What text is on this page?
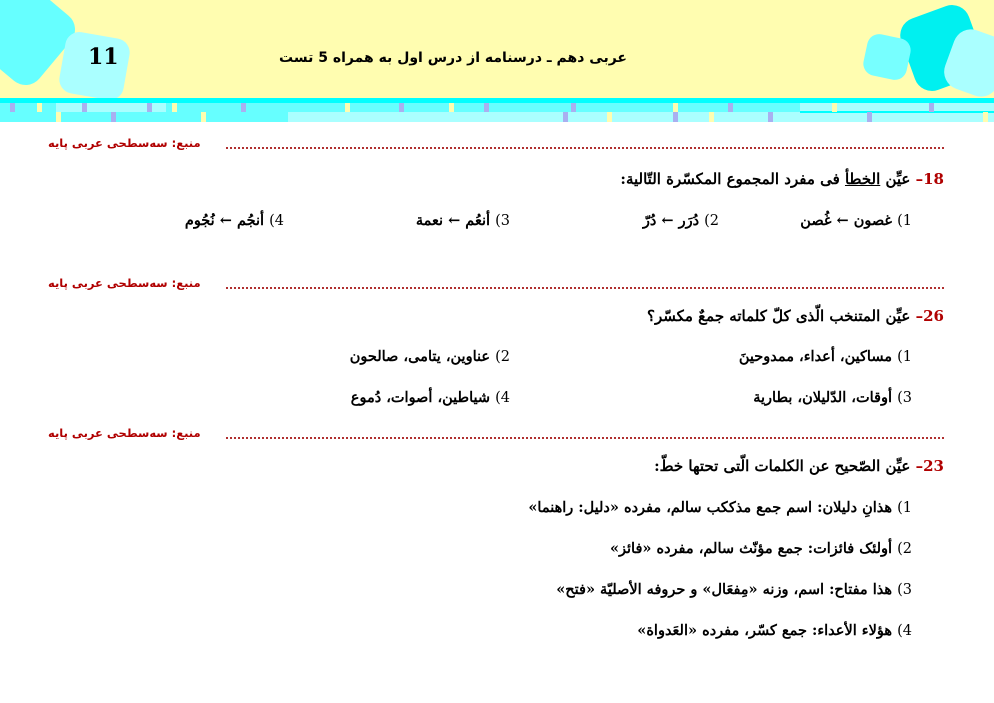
11	عربی دهم ـ درسنامه از درس اول به همراه 5 تست
منبع: سه‌سطحی عربی پایه
18– عیِّن الخطأ فی مفرد المجموع المکسّرة التّالیة:
1) غصون ← غُصن
2) دُرَر ← دُرّ
3) أنعُم ← نعمة
4) أنجُم ← نُجُوم
منبع: سه‌سطحی عربی پایه
26– عیِّن المتنخب الّذی کلّ کلماته جمعٌ مکسّر؟
1) مساکین، أعداء، ممدوحینَ
2) عناوین، یتامی، صالحون
3) أوقات، الدّلیلان، بطاریة
4) شیاطین، أصوات، دُموع
منبع: سه‌سطحی عربی پایه
23– عیِّن الصّحیح عن الکلمات الّتی تحتها خطّ:
1) هذانِ دلیلان: اسم جمع مذککب سالم، مفرده «دلیل: راهنما»
2) أولئک فائزات: جمع مؤنّث سالم، مفرده «فائز»
3) هذا مفتاح: اسم، وزنه «مِفعَال» و حروفه الأصلیّة «فتح»
4) هؤلاء الأعداء: جمع کسّر، مفرده «العَدواة»
